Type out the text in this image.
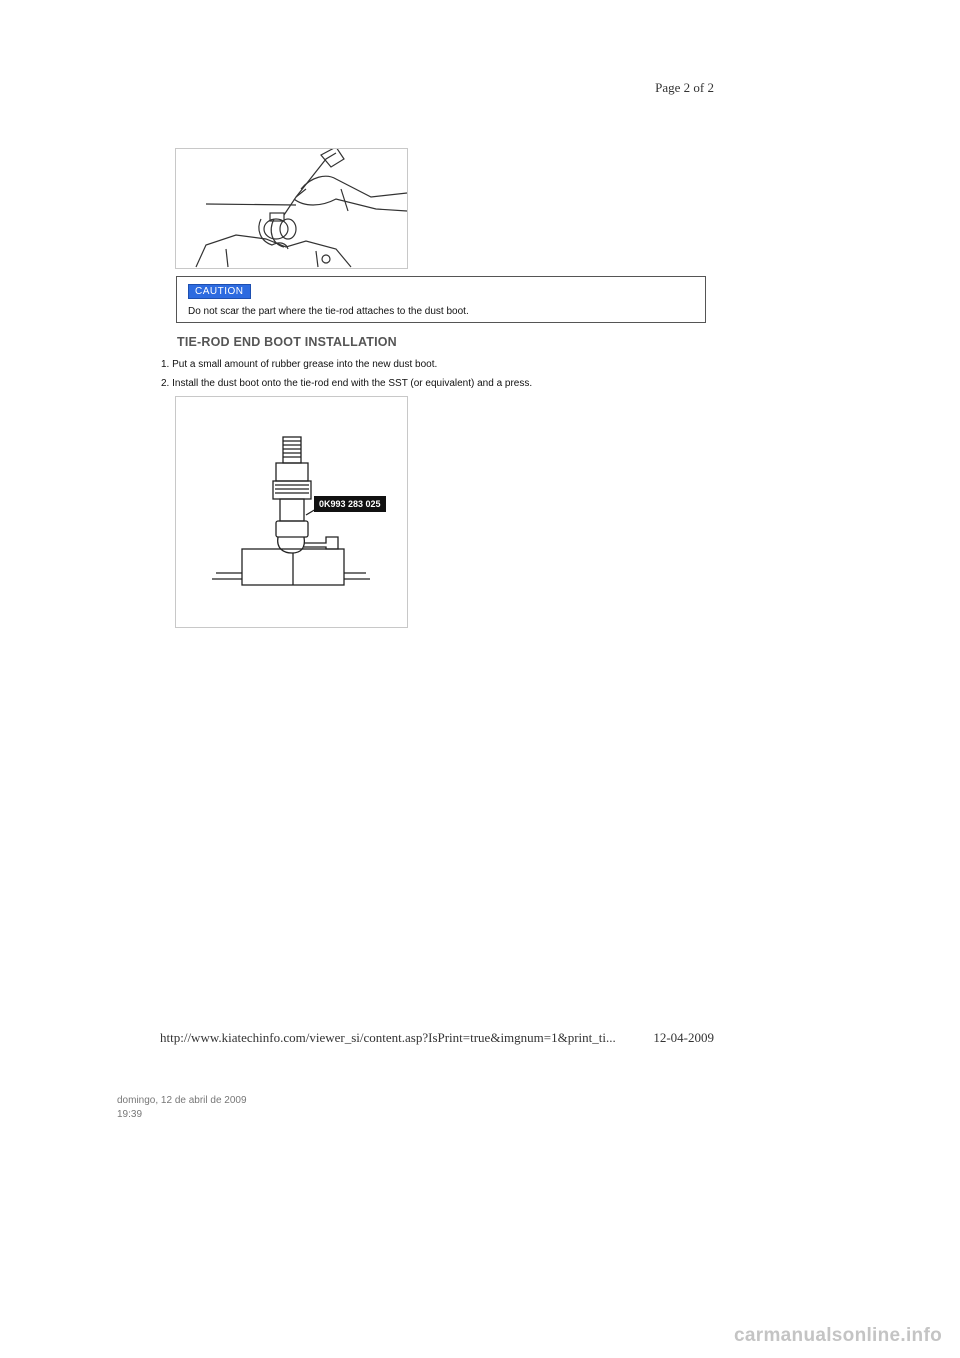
Page 2 of 2
CAUTION
Do not scar the part where the tie-rod attaches to the dust boot.
TIE-ROD END BOOT INSTALLATION
1. Put a small amount of rubber grease into the new dust boot.
2. Install the dust boot onto the tie-rod end with the SST (or equivalent) and a press.
0K993 283 025
http://www.kiatechinfo.com/viewer_si/content.asp?IsPrint=true&imgnum=1&print_ti...	12-04-2009
domingo, 12 de abril de 2009
19:39
carmanualsonline.info
